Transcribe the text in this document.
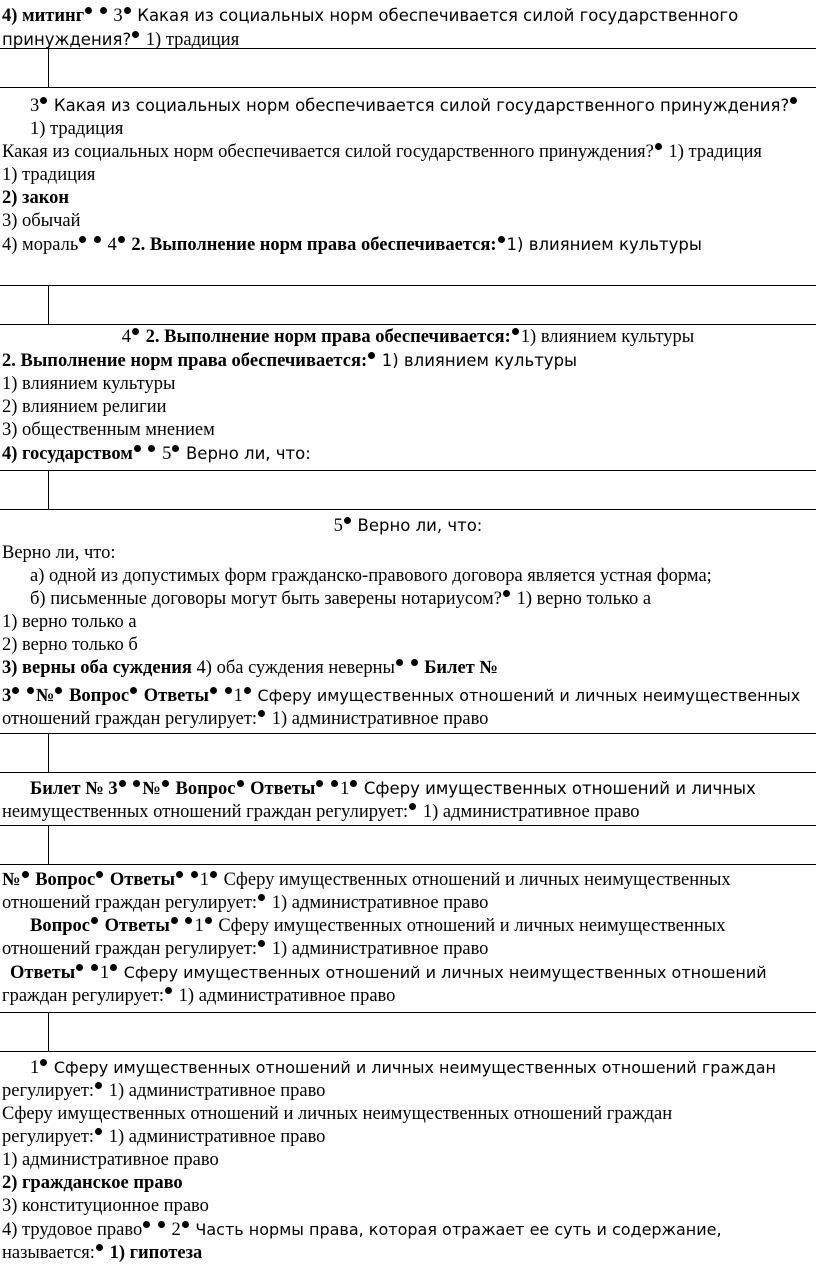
4) митинг  3 Какая из социальных норм обеспечивается силой государственного принуждения? 1) традиция

3 Какая из социальных норм обеспечивается силой государственного принуждения?1) традиция

Какая из социальных норм обеспечивается силой государственного принуждения? 1) традиция

1) традиция

2) закон

3) обычай

4) мораль  4 2. Выполнение норм права обеспечивается: 1) влиянием культуры

4 2. Выполнение норм права обеспечивается: 1) влиянием культуры

2. Выполнение норм права обеспечивается: 1) влиянием культуры

1) влиянием культуры

2) влиянием религии

3) общественным мнением

4) государством  5 Верно ли, что:

5 Верно ли, что:

Верно ли, что:

а) одной из допустимых форм гражданско-правового договора является устная форма;

б) письменные договоры могут быть заверены нотариусом? 1) верно только а

1) верно только а

2) верно только б

3) верны оба суждения 4) оба суждения неверны Билет №

3 № Вопрос Ответы 1 Сферу имущественных отношений и личных неимущественных

отношений граждан регулирует: 1) административное право

Билет № 3 № Вопрос Ответы 1 Сферу имущественных отношений и личных

неимущественных отношений граждан регулирует: 1) административное право

№ Вопрос Ответы 1 Сферу имущественных отношений и личных неимущественных

отношений граждан регулирует: 1) административное право

Вопрос Ответы 1 Сферу имущественных отношений и личных неимущественных

отношений граждан регулирует: 1) административное право

Ответы 1 Сферу имущественных отношений и личных неимущественных отношений

граждан регулирует: 1) административное право

1 Сферу имущественных отношений и личных неимущественных отношений граждан

регулирует: 1) административное право

Сферу имущественных отношений и личных неимущественных отношений граждан

регулирует: 1) административное право

1) административное право

2) гражданское право

3) конституционное право

4) трудовое право  2 Часть нормы права, которая отражает ее суть и содержание,

называется: 1) гипотеза
